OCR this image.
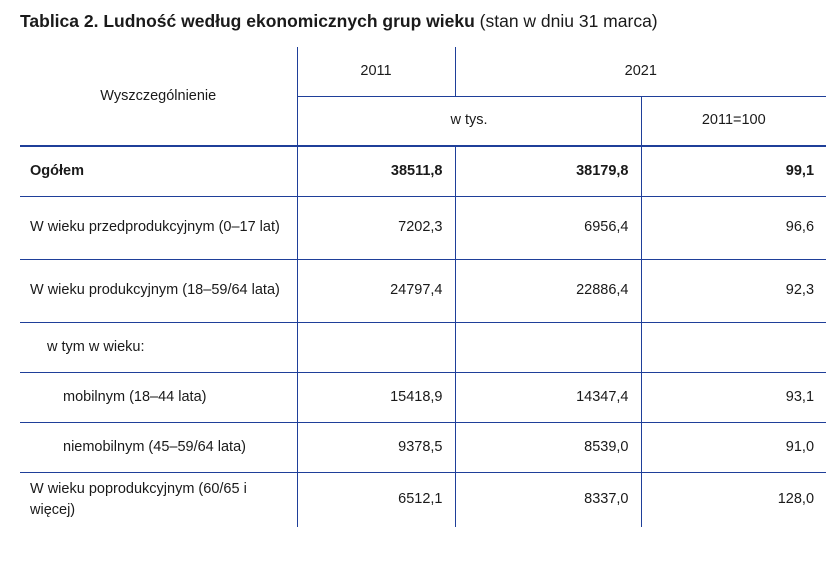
Tablica 2. Ludność według ekonomicznych grup wieku (stan w dniu 31 marca)
Wyszczególnienie	2011	2021	
	w tys.		2011=100
Ogółem	38511,8	38179,8	99,1
W wieku przedprodukcyjnym (0–17 lat)	7202,3	6956,4	96,6
W wieku produkcyjnym (18–59/64 lata)	24797,4	22886,4	92,3
w tym w wieku:			
mobilnym (18–44 lata)	15418,9	14347,4	93,1
niemobilnym (45–59/64 lata)	9378,5	8539,0	91,0
W wieku poprodukcyjnym (60/65 i więcej)	6512,1	8337,0	128,0
